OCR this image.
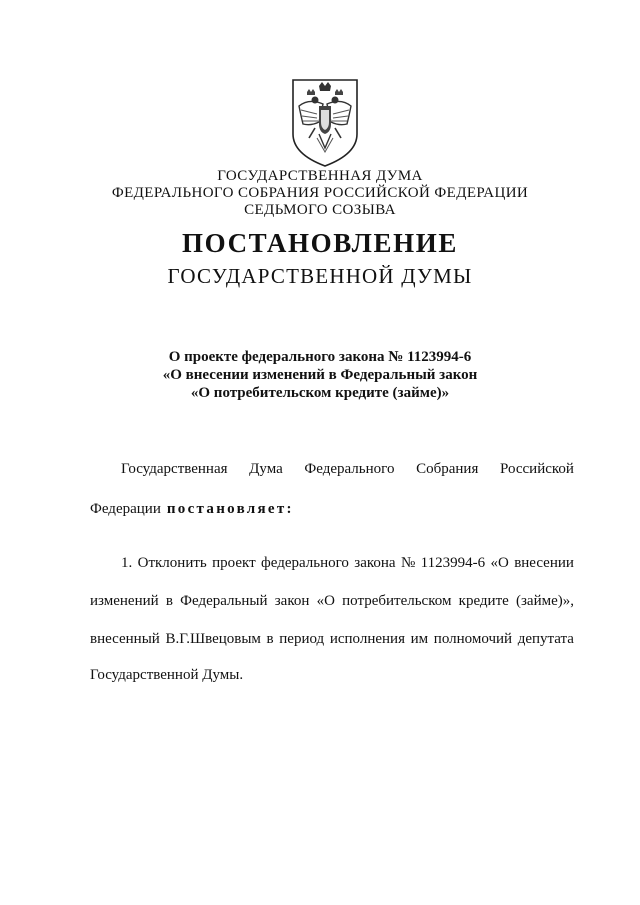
ГОСУДАРСТВЕННАЯ ДУМА
ФЕДЕРАЛЬНОГО СОБРАНИЯ РОССИЙСКОЙ ФЕДЕРАЦИИ
СЕДЬМОГО СОЗЫВА
ПОСТАНОВЛЕНИЕ
ГОСУДАРСТВЕННОЙ ДУМЫ
О проекте федерального закона № 1123994-6
«О внесении изменений в Федеральный закон
«О потребительском кредите (займе)»
Государственная Дума Федерального Собрания Российской
Федерации постановляет:
1. Отклонить проект федерального закона № 1123994-6 «О внесении
изменений в Федеральный закон «О потребительском кредите (займе)»,
внесенный В.Г.Швецовым в период исполнения им полномочий депутата
Государственной Думы.
